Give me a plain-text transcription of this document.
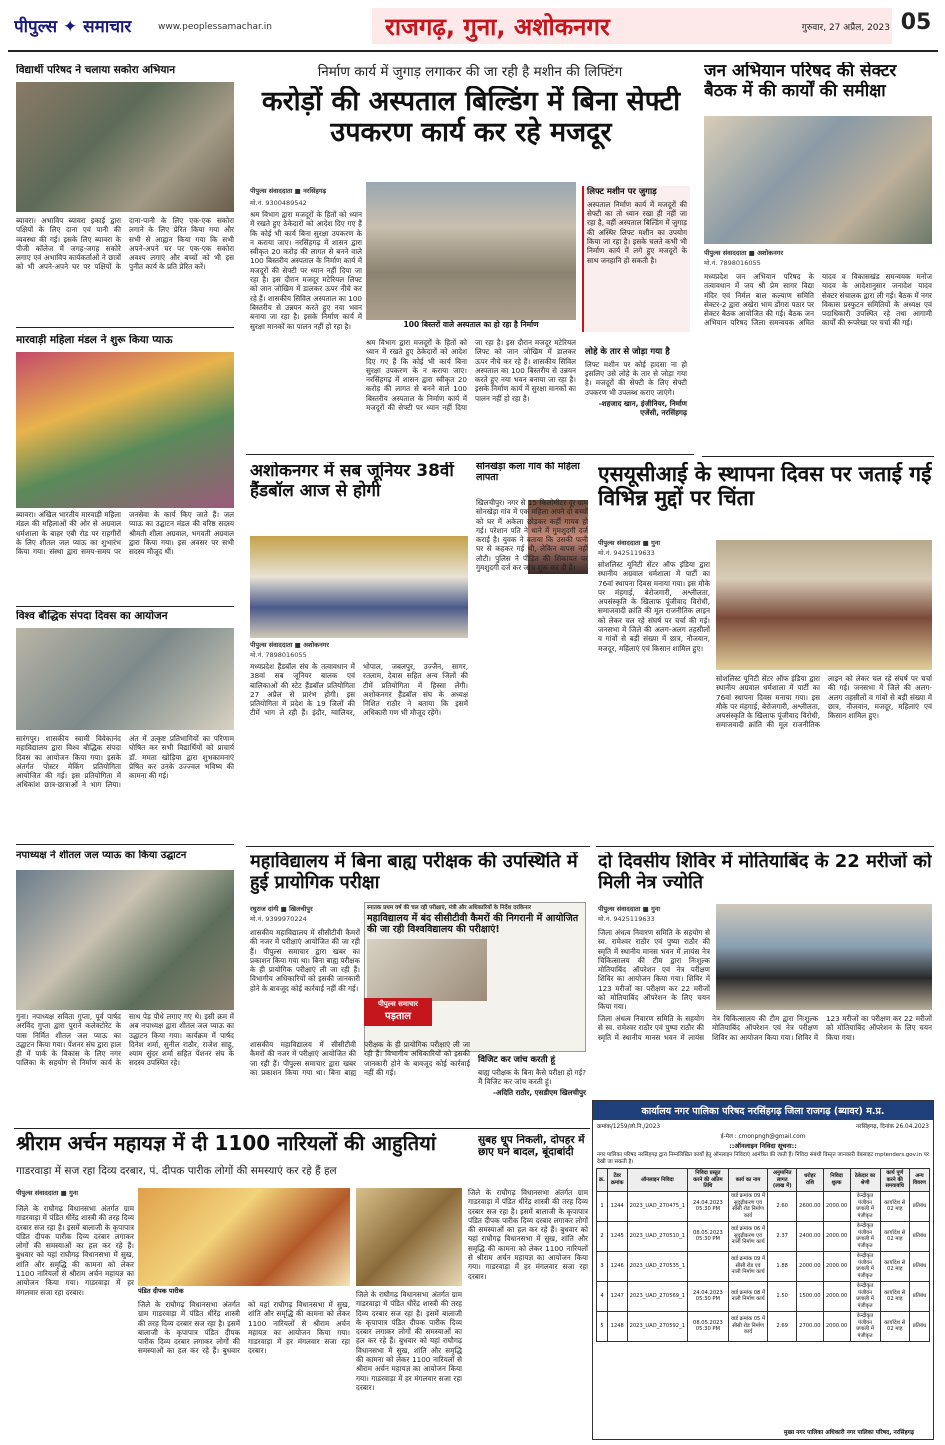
पीपुल्स ✦ समाचार	www.peoplessamachar.in	राजगढ़, गुना, अशोकनगर	गुरुवार, 27 अप्रैल, 2023 05
विद्यार्थी परिषद ने चलाया सकोरा अभियान
ब्यावरा। अभाविप ब्यावरा इकाई द्वारा पक्षियों के लिए दाना एवं पानी की व्यवस्था की गई। इसके लिए ब्यावरा के पीजी कॉलेज में जगह-जगह सकोरे लगाए एवं अभाविप कार्यकर्ताओं ने छात्रों को भी अपने-अपने घर पर पक्षियों के दाना-पानी के लिए एक-एक सकोरा लगाने के लिए प्रेरित किया गया और सभी से आह्वान किया गया कि सभी अपने-अपने घर पर एक-एक सकोरा अवश्य लगाएं और बच्चों को भी इस पुनीत कार्य के प्रति प्रेरित करें।
मारवाड़ी महिला मंडल ने शुरू किया प्याऊ
ब्यावरा। अखिल भारतीय मारवाड़ी महिला मंडल की महिलाओं की ओर से अग्रवाल धर्मशाला के बाहर एबी रोड पर राहगीरों के लिए शीतल जल प्याऊ का शुभारंभ किया गया। संस्था द्वारा समय-समय पर जनसेवा के कार्य किए जाते हैं। जल प्याऊ का उद्घाटन मंडल की वरिष्ठ सदस्य श्रीमती शीला अग्रवाल, भगवती अग्रवाल द्वारा किया गया। इस अवसर पर सभी सदस्य मौजूद थीं।
विश्व बौद्धिक संपदा दिवस का आयोजन
सारंगपुर। शासकीय स्वामी विवेकानंद महाविद्यालय द्वारा विश्व बौद्धिक संपदा दिवस का आयोजन किया गया। इसके अंतर्गत पोस्टर मेकिंग प्रतियोगिता आयोजित की गई। इस प्रतियोगिता में अधिकांश छात्र-छात्राओं ने भाग लिया। अंत में उत्कृष्ट प्रतिभागियों का परिणाम घोषित कर सभी विद्यार्थियों को प्राचार्य डॉ. ममता खोड़िया द्वारा शुभकामनाएं प्रेषित कर उनके उज्ज्वल भविष्य की कामना की गई।
नपाध्यक्ष ने शीतल जल प्याऊ का किया उद्घाटन
गुना। नपाध्यक्ष सविता गुप्ता, पूर्व पार्षद अरविंद गुप्ता द्वारा पुराने कलेक्टोरेट के पास निर्मित शीतल जल प्याऊ का उद्घाटन किया गया। पेंशनर संघ द्वारा हाल ही में पार्क के विकास के लिए नगर पालिका के सहयोग से निर्माण कार्य के साथ पेड़ पौधे लगाए गए थे। इसी क्रम में अब नपाध्यक्ष द्वारा शीतल जल प्याऊ का उद्घाटन किया गया। कार्यक्रम में पार्षद दिनेश शर्मा, सुनील राठौर, राजेश साहू, श्याम सुंदर शर्मा सहित पेंशनर संघ के सदस्य उपस्थित रहे।
निर्माण कार्य में जुगाड़ लगाकर की जा रही है मशीन की लिफ्टिंग
करोड़ों की अस्पताल बिल्डिंग में बिना सेफ्टी उपकरण कार्य कर रहे मजदूर
पीपुल्स संवाददाता ■ नरसिंहगढ़
मो.नं. 9300489542
100 बिस्तरों वाले अस्पताल का हो रहा है निर्माण
श्रम विभाग द्वारा मजदूरों के हितों को ध्यान में रखते हुए ठेकेदारों को आदेश दिए गए हैं कि कोई भी कार्य बिना सुरक्षा उपकरण के न कराया जाए। नरसिंहगढ़ में शासन द्वारा स्वीकृत 20 करोड़ की लागत से बनने वाले 100 बिस्तरीय अस्पताल के निर्माण कार्य में मजदूरों की सेफ्टी पर ध्यान नहीं दिया जा रहा है। इस दौरान मजदूर मटेरियल लिफ्ट को जान जोखिम में डालकर ऊपर नीचे कर रहे हैं। शासकीय सिविल अस्पताल का 100 बिस्तरीय से उन्नयन करते हुए नया भवन बनाया जा रहा है। इसके निर्माण कार्य में सुरक्षा मानकों का पालन नहीं हो रहा है।
श्रम विभाग द्वारा मजदूरों के हितों को ध्यान में रखते हुए ठेकेदारों को आदेश दिए गए हैं कि कोई भी कार्य बिना सुरक्षा उपकरण के न कराया जाए। नरसिंहगढ़ में शासन द्वारा स्वीकृत 20 करोड़ की लागत से बनने वाले 100 बिस्तरीय अस्पताल के निर्माण कार्य में मजदूरों की सेफ्टी पर ध्यान नहीं दिया जा रहा है। इस दौरान मजदूर मटेरियल लिफ्ट को जान जोखिम में डालकर ऊपर नीचे कर रहे हैं। शासकीय सिविल अस्पताल का 100 बिस्तरीय से उन्नयन करते हुए नया भवन बनाया जा रहा है। इसके निर्माण कार्य में सुरक्षा मानकों का पालन नहीं हो रहा है।
लिफ्ट मशीन पर जुगाड़
अस्पताल निर्माण कार्य में मजदूरों की सेफ्टी का तो ध्यान रखा ही नहीं जा रहा है, वहीं अस्पताल बिल्डिंग में जुगाड़ की अस्थिर लिफ्ट मशीन का उपयोग किया जा रहा है। इसके चलते कभी भी निर्माण कार्य में लगे हुए मजदूरों के साथ जनहानि हो सकती है।
लोहे के तार से जोड़ा गया है
लिफ्ट मशीन पर कोई हादसा ना हो इसलिए उसे लोहे के तार से जोड़ा गया है। मजदूरों की सेफ्टी के लिए सेफ्टी उपकरण भी उपलब्ध कराए जाएंगे।
-शहजाद खान, इंजीनियर, निर्माण एजेंसी, नरसिंहगढ़
जन अभियान परिषद की सेक्टर बैठक में की कार्यों की समीक्षा
पीपुल्स संवाददाता ■ अशोकनगर
मो.नं. 7898016055
मध्यप्रदेश जन अभियान परिषद के तत्वावधान में जय श्री प्रेम सागर विद्या मंदिर एवं निर्मल बाल कल्याण समिति सेक्टर-2 द्वारा अखेरा भाम डोंगरा पठार पर सेक्टर बैठक आयोजित की गई। बैठक जन अभियान परिषद जिला समन्वयक अमित यादव व विकासखंड समन्वयक मनोज यादव के आदेशानुसार जनादेश यादव सेक्टर संचालक द्वारा ली गई। बैठक में नगर विकास प्रस्फुटन समितियों के अध्यक्ष एवं पदाधिकारी उपस्थित रहे तथा आगामी कार्यों की रूपरेखा पर चर्चा की गई।
अशोकनगर में सब जूनियर 38वीं हैंडबॉल आज से होगी
पीपुल्स संवाददाता ■ अशोकनगर
मो.नं. 7898016055
मध्यप्रदेश हैंडबॉल संघ के तत्वावधान में 38वां सब जूनियर बालक एवं बालिकाओं की स्टेट हैंडबॉल प्रतियोगिता 27 अप्रैल से प्रारंभ होगी। इस प्रतियोगिता में प्रदेश के 19 जिलों की टीमें भाग ले रही हैं। इंदौर, ग्वालियर, भोपाल, जबलपुर, उज्जैन, सागर, रतलाम, देवास सहित अन्य जिलों की टीमें प्रतियोगिता में हिस्सा लेंगी। अशोकनगर हैंडबॉल संघ के अध्यक्ष निशित राठौर ने बताया कि इसमें अधिकारी गण भी मौजूद रहेंगे।
सोनखेड़ा कला गांव की महिला लापता
खिलचीपुर। नगर से 15 किलोमीटर दूर ग्राम सोनखेड़ा गांव में एक महिला अपने दो बच्चों को घर में अकेला छोड़कर कहीं गायब हो गई। परेशान पति ने थाने में गुमशुदगी दर्ज कराई है। युवक ने बताया कि उसकी पत्नी घर से कहकर गई थी, लेकिन वापस नहीं लौटी। पुलिस ने पीड़ित की शिकायत पर गुमशुदगी दर्ज कर जांच शुरू कर दी है।
एसयूसीआई के स्थापना दिवस पर जताई गई विभिन्न मुद्दों पर चिंता
पीपुल्स संवाददाता ■ गुना
मो.नं. 9425119633
सोशलिस्ट यूनिटी सेंटर ऑफ इंडिया द्वारा स्थानीय अग्रवाल धर्मशाला में पार्टी का 76वां स्थापना दिवस मनाया गया। इस मौके पर मंहगाई, बेरोजगारी, अश्लीलता, अपसंस्कृति के खिलाफ पूंजीवाद विरोधी, समाजवादी क्रांति की मूल राजनीतिक लाइन को लेकर चल रहे संघर्ष पर चर्चा की गई। जनसभा में जिले की अलग-अलग तहसीलों व गांवों से बड़ी संख्या में छात्र, नौजवान, मजदूर, महिलाएं एवं किसान शामिल हुए।
सोशलिस्ट यूनिटी सेंटर ऑफ इंडिया द्वारा स्थानीय अग्रवाल धर्मशाला में पार्टी का 76वां स्थापना दिवस मनाया गया। इस मौके पर मंहगाई, बेरोजगारी, अश्लीलता, अपसंस्कृति के खिलाफ पूंजीवाद विरोधी, समाजवादी क्रांति की मूल राजनीतिक लाइन को लेकर चल रहे संघर्ष पर चर्चा की गई। जनसभा में जिले की अलग-अलग तहसीलों व गांवों से बड़ी संख्या में छात्र, नौजवान, मजदूर, महिलाएं एवं किसान शामिल हुए।
महाविद्यालय में बिना बाह्य परीक्षक की उपस्थिति में हुई प्रायोगिक परीक्षा
रघुराज दांगी ■ खिलचीपुर
मो.नं. 9399970224
शासकीय महाविद्यालय में सीसीटीवी कैमरों की नजर में परीक्षाएं आयोजित की जा रही हैं। पीपुल्स समाचार द्वारा खबर का प्रकाशन किया गया था। बिना बाह्य परीक्षक के ही प्रायोगिक परीक्षाएं ली जा रही हैं। विभागीय अधिकारियों को इसकी जानकारी होने के बावजूद कोई कार्रवाई नहीं की गई।
स्नातक प्रथम वर्ष की चल रही परीक्षाएं, मंत्री और अधिकारियों के निर्देश दरकिनार
महाविद्यालय में बंद सीसीटीवी कैमरों की निगरानी में आयोजित की जा रही विश्वविद्यालय की परीक्षाएं!
पीपुल्स समाचार
पड़ताल
शासकीय महाविद्यालय में सीसीटीवी कैमरों की नजर में परीक्षाएं आयोजित की जा रही हैं। पीपुल्स समाचार द्वारा खबर का प्रकाशन किया गया था। बिना बाह्य परीक्षक के ही प्रायोगिक परीक्षाएं ली जा रही हैं। विभागीय अधिकारियों को इसकी जानकारी होने के बावजूद कोई कार्रवाई नहीं की गई।
विजिट कर जांच करती हूं
बाह्य परीक्षक के बिना कैसे परीक्षा हो गई? मैं विजिट कर जांच करती हूं।
-अदिति राठौर, एसडीएम खिलचीपुर
दो दिवसीय शिविर में मोतियाबिंद के 22 मरीजों को मिली नेत्र ज्योति
पीपुल्स संवाददाता ■ गुना
मो.नं. 9425119633
जिला अंधत्व निवारण समिति के सहयोग से स्व. रामेश्वर राठौर एवं पुष्पा राठौर की स्मृति में स्थानीय मानस भवन में लायंस नेत्र चिकित्सालय की टीम द्वारा निःशुल्क मोतियाबिंद ऑपरेशन एवं नेत्र परीक्षण शिविर का आयोजन किया गया। शिविर में 123 मरीजों का परीक्षण कर 22 मरीजों को मोतियाबिंद ऑपरेशन के लिए चयन किया गया।
जिला अंधत्व निवारण समिति के सहयोग से स्व. रामेश्वर राठौर एवं पुष्पा राठौर की स्मृति में स्थानीय मानस भवन में लायंस नेत्र चिकित्सालय की टीम द्वारा निःशुल्क मोतियाबिंद ऑपरेशन एवं नेत्र परीक्षण शिविर का आयोजन किया गया। शिविर में 123 मरीजों का परीक्षण कर 22 मरीजों को मोतियाबिंद ऑपरेशन के लिए चयन किया गया।
श्रीराम अर्चन महायज्ञ में दी 1100 नारियलों की आहुतियां
गाडरवाड़ा में सज रहा दिव्य दरबार, पं. दीपक पारीक लोगों की समस्याएं कर रहे हैं हल
पीपुल्स संवाददाता ■ गुना
जिले के राघौगढ़ विधानसभा अंतर्गत ग्राम गाडरवाड़ा में पंडित धीरेंद्र शास्त्री की तरह दिव्य दरबार सज रहा है। इसमें बालाजी के कृपापात्र पंडित दीपक पारीक दिव्य दरबार लगाकर लोगों की समस्याओं का हल कर रहे हैं। बुधवार को यहां राघौगढ़ विधानसभा में सुख, शांति और समृद्धि की कामना को लेकर 1100 नारियलों से श्रीराम अर्चन महायज्ञ का आयोजन किया गया। गाडरवाड़ा में हर मंगलवार सजा रहा दरबार।	पंडित दीपक पारीक
जिले के राघौगढ़ विधानसभा अंतर्गत ग्राम गाडरवाड़ा में पंडित धीरेंद्र शास्त्री की तरह दिव्य दरबार सज रहा है। इसमें बालाजी के कृपापात्र पंडित दीपक पारीक दिव्य दरबार लगाकर लोगों की समस्याओं का हल कर रहे हैं। बुधवार को यहां राघौगढ़ विधानसभा में सुख, शांति और समृद्धि की कामना को लेकर 1100 नारियलों से श्रीराम अर्चन महायज्ञ का आयोजन किया गया। गाडरवाड़ा में हर मंगलवार सजा रहा दरबार।
जिले के राघौगढ़ विधानसभा अंतर्गत ग्राम गाडरवाड़ा में पंडित धीरेंद्र शास्त्री की तरह दिव्य दरबार सज रहा है। इसमें बालाजी के कृपापात्र पंडित दीपक पारीक दिव्य दरबार लगाकर लोगों की समस्याओं का हल कर रहे हैं। बुधवार को यहां राघौगढ़ विधानसभा में सुख, शांति और समृद्धि की कामना को लेकर 1100 नारियलों से श्रीराम अर्चन महायज्ञ का आयोजन किया गया। गाडरवाड़ा में हर मंगलवार सजा रहा दरबार।
जिले के राघौगढ़ विधानसभा अंतर्गत ग्राम गाडरवाड़ा में पंडित धीरेंद्र शास्त्री की तरह दिव्य दरबार सज रहा है। इसमें बालाजी के कृपापात्र पंडित दीपक पारीक दिव्य दरबार लगाकर लोगों की समस्याओं का हल कर रहे हैं। बुधवार को यहां राघौगढ़ विधानसभा में सुख, शांति और समृद्धि की कामना को लेकर 1100 नारियलों से श्रीराम अर्चन महायज्ञ का आयोजन किया गया। गाडरवाड़ा में हर मंगलवार सजा रहा दरबार।
सुबह धूप निकली, दोपहर में छाए घने बादल, बूंदाबांदी
कार्यालय नगर पालिका परिषद नरसिंहगढ़ जिला राजगढ़ (ब्यावर) म.प्र.
क्रमांक/1259/लो.नि./2023	नरसिंहगढ़, दिनांक 26.04.2023
ई-मेल : cmonpngh@gmail.com
::ऑनलाइन निविदा सूचना::
नगर पालिका परिषद नरसिंहगढ़ द्वारा निम्नलिखित कार्यों हेतु ऑनलाइन निविदाएं आमंत्रित की जाती हैं। निविदा संबंधी विस्तृत जानकारी वेबसाइट mptenders.gov.in पर देखी जा सकती है।
क्र.	टेंडर क्रमांक	ऑनलाइन निविदा	निविदा प्रस्तुत करने की अंतिम तिथि	कार्य का नाम	अनुमानित लागत (लाख में)	धरोहर राशि	निविदा शुल्क	ठेकेदार का श्रेणी	कार्य पूर्ण करने की समयावधि	अन्य विवरण
1	1244	2023_UAD_270475_1	24.04.2023 05:30 PM	वार्ड क्रमांक 09 में सुदृढ़ीकरण एवं सीसी रोड निर्माण कार्य	2.60	2600.00	2000.00	केन्द्रीकृत पंजीयन प्रणाली में पंजीकृत	कार्यादेश से 02 माह	प्रतिबंध
2	1245	2023_UAD_270510_1	08.05.2023 05:30 PM	वार्ड क्रमांक 06 में सुदृढ़ीकरण एवं नाली निर्माण कार्य	2.37	2400.00	2000.00	केन्द्रीकृत पंजीयन प्रणाली में पंजीकृत	कार्यादेश से 02 माह	प्रतिबंध
3	1246	2023_UAD_270535_1		वार्ड क्रमांक 09 में सीसी रोड एवं नाली निर्माण कार्य	1.88	2000.00	2000.00	केन्द्रीकृत पंजीयन प्रणाली में पंजीकृत	कार्यादेश से 02 माह	प्रतिबंध
4	1247	2023_UAD_270569_1	24.04.2023 05:30 PM	वार्ड क्रमांक 08 में नाली निर्माण कार्य	1.50	1500.00	2000.00	केन्द्रीकृत पंजीयन प्रणाली में पंजीकृत	कार्यादेश से 02 माह	प्रतिबंध
5	1248	2023_UAD_270592_1	08.05.2023 05:30 PM	वार्ड क्रमांक 05 में सीसी रोड निर्माण कार्य	2.69	2700.00	2000.00	केन्द्रीकृत पंजीयन प्रणाली में पंजीकृत	कार्यादेश से 02 माह	प्रतिबंध
मुख्य नगर पालिका अधिकारी नगर पालिका परिषद, नरसिंहगढ़
